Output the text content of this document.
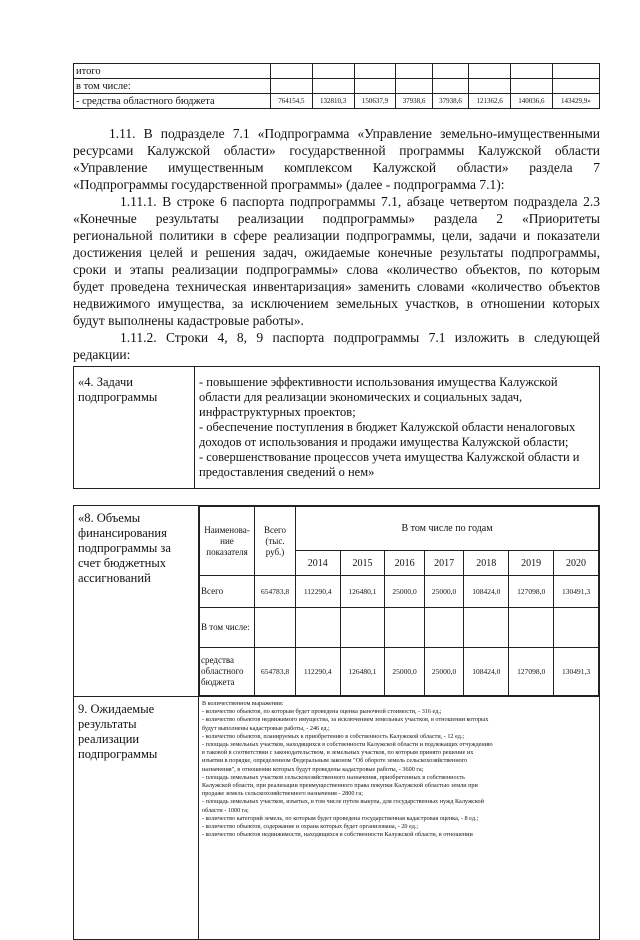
итого								
в том числе:								
- средства областного бюджета	764154,5	132810,3	150637,9	37938,6	37938,6	121362,6	140036,6	143429,9»
1.11. В подразделе 7.1 «Подпрограмма «Управление земельно-имущественными
ресурсами Калужской области» государственной программы Калужской области
«Управление имущественным комплексом Калужской области» раздела 7
«Подпрограммы государственной программы» (далее - подпрограмма 7.1):
1.11.1. В строке 6 паспорта подпрограммы 7.1, абзаце четвертом подраздела 2.3
«Конечные результаты реализации подпрограммы» раздела 2 «Приоритеты
региональной политики в сфере реализации подпрограммы, цели, задачи и показатели
достижения целей и решения задач, ожидаемые конечные результаты подпрограммы,
сроки и этапы реализации подпрограммы» слова «количество объектов, по которым
будет проведена техническая инвентаризация» заменить словами «количество объектов
недвижимого имущества, за исключением земельных участков, в отношении которых
будут выполнены кадастровые работы».
1.11.2. Строки 4, 8, 9 паспорта подпрограммы 7.1 изложить в следующей
редакции:
«4. Задачи подпрограммы	
- повышение эффективности использования имущества Калужской области для реализации экономических и социальных задач, инфраструктурных проектов;
- обеспечение поступления в бюджет Калужской области неналоговых доходов от использования и продажи имущества Калужской области;
- совершенствование процессов учета имущества Калужской области и предоставления сведений о нем»
«8. Объемы финансирования подпрограммы за счет бюджетных ассигнований	
Наименова-ние показателя	Всего (тыс. руб.)	В том числе по годам
2014	2015	2016	2017	2018	2019	2020
Всего	654783,8	112290,4	126480,1	25000,0	25000,0	108424,0	127098,0	130491,3
В том числе:								
средства областного бюджета	654783,8	112290,4	126480,1	25000,0	25000,0	108424,0	127098,0	130491,3

9. Ожидаемые результаты реализации подпрограммы	
В количественном выражении:
- количество объектов, по которым будет проведена оценка рыночной стоимости, - 316 ед.;
- количество объектов недвижимого имущества, за исключением земельных участков, в отношении которых
будут выполнены кадастровые работы, - 246 ед.;
- количество объектов, планируемых к приобретению в собственность Калужской области, - 12 ед.;
- площадь земельных участков, находящихся в собственности Калужской области и подлежащих отчуждению
в таковой в соответствии с законодательством, и земельных участков, по которым принято решение их
изъятии в порядке, определенном Федеральным законом "Об обороте земель сельскохозяйственного
назначения", в отношении которых будут проведены кадастровые работы, - 3600 га;
- площадь земельных участков сельскохозяйственного назначения, приобретенных в собственность
Калужской области, при реализации преимущественного права покупки Калужской областью земли при
продаже земель сельскохозяйственного назначения - 2800 га;
- площадь земельных участков, изъятых, в том числе путем выкупа, для государственных нужд Калужской
области - 1000 га;
- количество категорий земель, по которым будет проведена государственная кадастровая оценка, - 8 ед.;
- количество объектов, содержание и охрана которых будет организована, - 20 ед.;
- количество объектов недвижимости, находящихся в собственности Калужской области, в отношении
